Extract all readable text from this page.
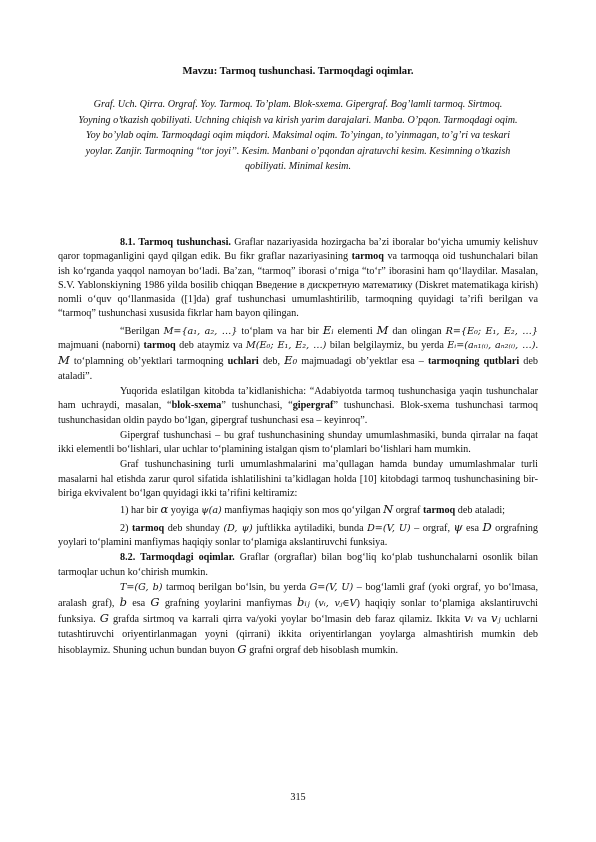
Mavzu: Tarmoq tushunchasi. Tarmoqdagi oqimlar.
Graf. Uch. Qirra. Orgraf. Yoy. Tarmoq. To’plam. Blok-sxema. Gipergraf. Bog’lamli tarmoq. Sirtmoq. Yoyning o’tkazish qobiliyati. Uchning chiqish va kirish yarim darajalari. Manba. O’pqon. Tarmoqdagi oqim. Yoy bo’ylab oqim. Tarmoqdagi oqim miqdori. Maksimal oqim. To’yingan, to’yinmagan, to’g’ri va teskari yoylar. Zanjir. Tarmoqning ‘‘tor joyi’’. Kesim. Manbani o’pqondan ajratuvchi kesim. Kesimning o’tkazish qobiliyati. Minimal kesim.

8.1. Tarmoq tushunchasi. Graflar nazariyasida hozirgacha ba’zi iboralar bo‘yicha umumiy kelishuv qaror topmaganligini qayd qilgan edik. Bu fikr graflar nazariyasining tarmoq va tarmoqqa oid tushunchalari bilan ish ko‘rganda yaqqol namoyan bo‘ladi. Ba’zan, “tarmoq” iborasi o‘rniga “to‘r” iborasini ham qo‘llaydilar. Masalan, S.V. Yablonskiyning 1986 yilda bosilib chiqqan Введение в дискретную математику (Diskret matematikaga kirish) nomli o‘quv qo‘llanmasida ([1]da) graf tushunchasi umumlashtirilib, tarmoqning quyidagi ta’rifi berilgan va “tarmoq” tushunchasi xususida fikrlar ham bayon qilingan.

“Berilgan M={a₁, a₂, …} to‘plam va har bir Eᵢ elementi M dan olingan R={E₀; E₁, E₂, …} majmuani (naborni) tarmoq deb ataymiz va M(E₀; E₁, E₂, …) bilan belgilaymiz, bu yerda Eᵢ=(aₙ₁₍ᵢ₎, aₙ₂₍ᵢ₎, …). M to‘plamning ob’yektlari tarmoqning uchlari deb, E₀ majmuadagi ob’yektlar esa – tarmoqning qutblari deb ataladi”.

Yuqorida eslatilgan kitobda ta’kidlanishicha: “Adabiyotda tarmoq tushunchasiga yaqin tushunchalar ham uchraydi, masalan, “blok-sxema” tushunchasi, “gipergraf” tushunchasi. Blok-sxema tushunchasi tarmoq tushunchasidan oldin paydo bo‘lgan, gipergraf tushunchasi esa – keyinroq”.

Gipergraf tushunchasi – bu graf tushunchasining shunday umumlashmasiki, bunda qirralar na faqat ikki elementli bo‘lishlari, ular uchlar to‘plamining istalgan qism to‘plamlari bo‘lishlari ham mumkin.

Graf tushunchasining turli umumlashmalarini ma’qullagan hamda bunday umumlashmalar turli masalarni hal etishda zarur qurol sifatida ishlatilishini ta’kidlagan holda [10] kitobdagi tarmoq tushunchasining bir-biriga ekvivalent bo‘lgan quyidagi ikki ta’rifini keltiramiz:

1) har bir α yoyiga ψ(a) manfiymas haqiqiy son mos qo‘yilgan N orgraf tarmoq deb ataladi;

2) tarmoq deb shunday (D, ψ) juftlikka aytiladiki, bunda D=(V, U) – orgraf, ψ esa D orgrafning yoylari to‘plamini manfiymas haqiqiy sonlar to‘plamiga akslantiruvchi funksiya.

8.2. Tarmoqdagi oqimlar. Graflar (orgraflar) bilan bog‘liq ko‘plab tushunchalarni osonlik bilan tarmoqlar uchun ko‘chirish mumkin.

T=(G, b) tarmoq berilgan bo‘lsin, bu yerda G=(V, U) – bog‘lamli graf (yoki orgraf, yo bo‘lmasa, aralash graf), b esa G grafning yoylarini manfiymas bᵢⱼ (vᵢ, vⱼ∈V) haqiqiy sonlar to‘plamiga akslantiruvchi funksiya. G grafda sirtmoq va karrali qirra va/yoki yoylar bo‘lmasin deb faraz qilamiz. Ikkita vᵢ va vⱼ uchlarni tutashtiruvchi oriyentirlanmagan yoyni (qirrani) ikkita oriyentirlangan yoylarga almashtirish mumkin deb hisoblaymiz. Shuning uchun bundan buyon G grafni orgraf deb hisoblash mumkin.

315
